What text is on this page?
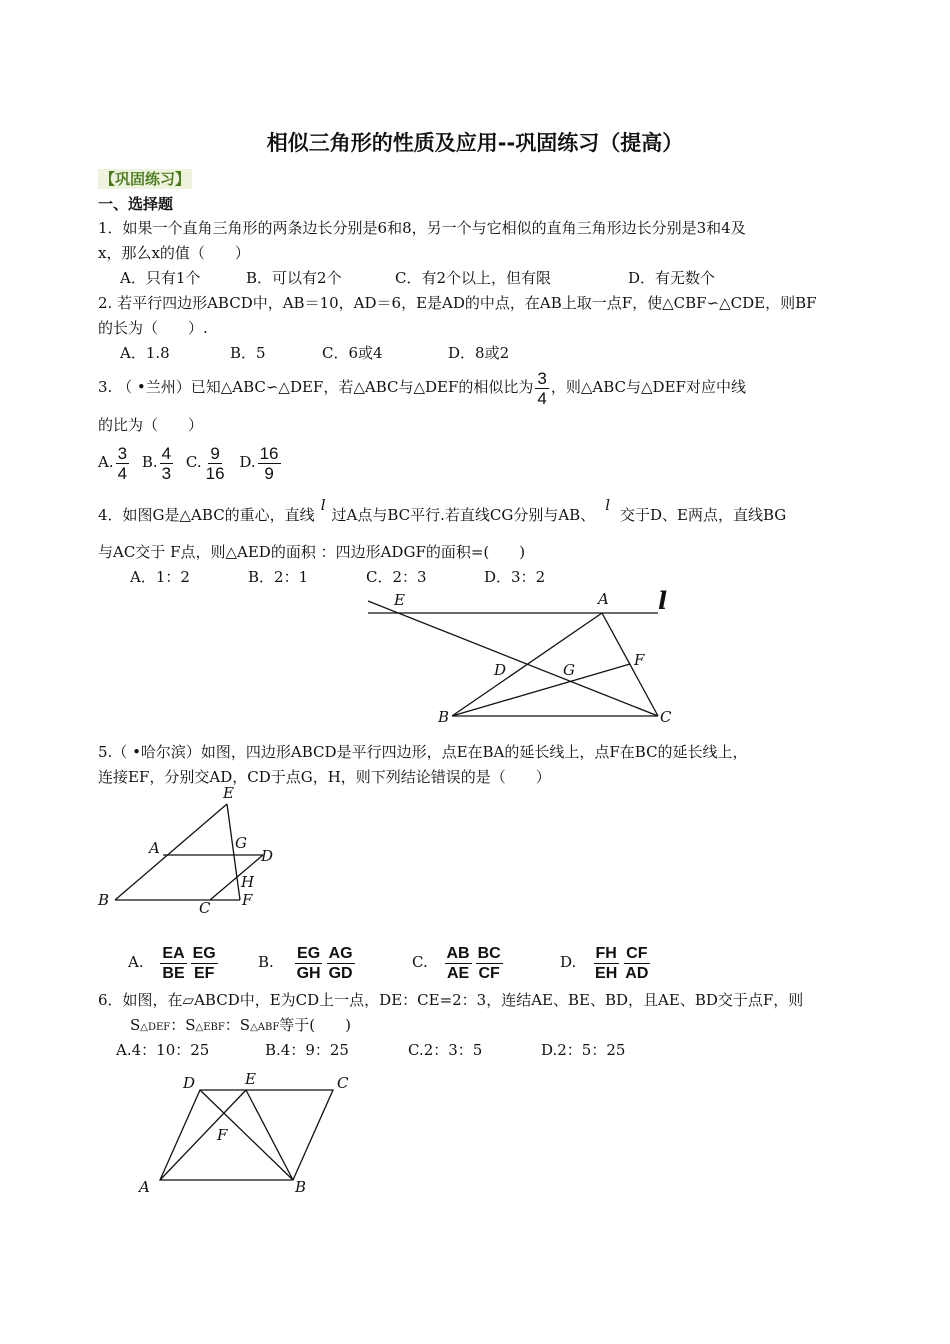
相似三角形的性质及应用--巩固练习（提高）
【巩固练习】
一、选择题
1．如果一个直角三角形的两条边长分别是6和8，另一个与它相似的直角三角形边长分别是3和4及
x，那么x的值（　　）
A．只有1个	B．可以有2个	C．有2个以上，但有限	D．有无数个
2. 若平行四边形ABCD中，AB＝10，AD＝6，E是AD的中点，在AB上取一点F，使△CBF∽△CDE，则BF
的长为（　　）.
A．1.8	B．5	C．6或4	D．8或2
3. （ •兰州）已知△ABC∽△DEF，若△ABC与△DEF的相似比为 $\frac{3}{4}$ ，则△ABC与△DEF对应中线
的比为（　　）
A. $\frac{3}{4} B$. $\frac{4}{3} C$. $\frac{9}{16} D$. $\frac{16}{9}$
4．如图G是△ABC的重心，直线l过A点与BC平行.若直线CG分别与AB、l交于D、E两点，直线BG
与AC交于 F点，则△AED的面积 ：四边形ADGF的面积=(　　)
A．1：2	B．2：1	C．2：3	D．3：2
E	A l
D	G
F
B	C
5.（ •哈尔滨）如图，四边形ABCD是平行四边形，点E在BA的延长线上，点F在BC的延长线上，
连接EF，分别交AD，CD于点G，H，则下列结论错误的是（　　）
E
A	G
D
H
B	C F
A. $\frac{EA}{BE} \frac{EG}{EF}$	B. $\frac{EG}{GH} \frac{AG}{GD}$	C. $\frac{AB}{AE} \frac{BC}{CF}$	D. $\frac{FH}{EH} \frac{CF}{AD}$
6．如图，在▱ABCD中，E为CD上一点，DE：CE=2：3，连结AE、BE、BD，且AE、BD交于点F，则
S△DEF：S△EBF：S△ABF等于(　　)
A.4：10：25	B.4：9：25	C.2：3：5	D.2：5：25
D	E	C
F
A	B
